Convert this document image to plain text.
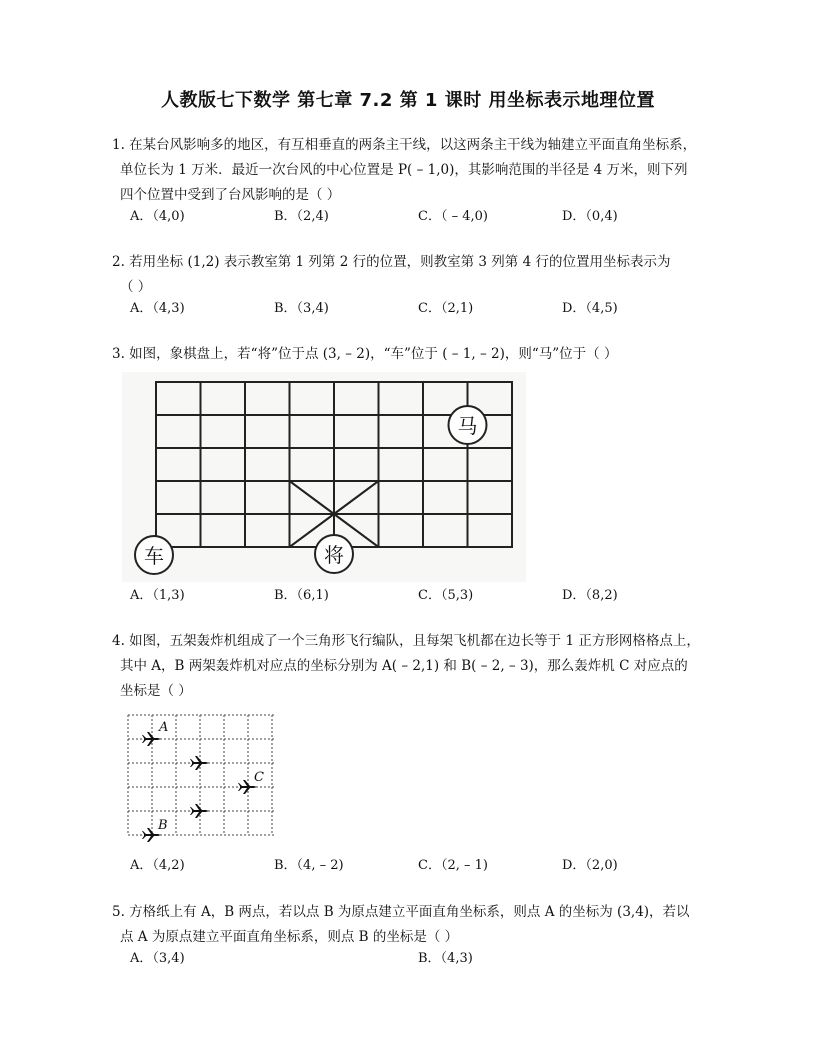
人教版七下数学 第七章 7.2 第 1 课时 用坐标表示地理位置
1. 在某台风影响多的地区，有互相垂直的两条主干线，以这两条主干线为轴建立平面直角坐标系，
单位长为 1 万米．最近一次台风的中心位置是 P( – 1,0)，其影响范围的半径是 4 万米，则下列
四个位置中受到了台风影响的是（ ）
A．（4,0)	B．（2,4)	C．（ – 4,0)	D．（0,4)
2. 若用坐标 (1,2) 表示教室第 1 列第 2 行的位置，则教室第 3 列第 4 行的位置用坐标表示为
（ ）
A．（4,3)	B．（3,4)	C．（2,1)	D．（4,5)
3. 如图，象棋盘上，若“将”位于点 (3, – 2)，“车”位于 ( – 1, – 2)，则“马”位于（ ）
马
车	将
A．（1,3)	B．（6,1)	C．（5,3)	D．（8,2)
4. 如图，五架轰炸机组成了一个三角形飞行编队，且每架飞机都在边长等于 1 正方形网格格点上，
其中 A，B 两架轰炸机对应点的坐标分别为 A( – 2,1) 和 B( – 2, – 3)，那么轰炸机 C 对应点的
坐标是（ ）
A
B
C
A．（4,2)	B．（4, – 2)	C．（2, – 1)	D．（2,0)
5. 方格纸上有 A，B 两点，若以点 B 为原点建立平面直角坐标系，则点 A 的坐标为 (3,4)，若以
点 A 为原点建立平面直角坐标系，则点 B 的坐标是（ ）
A．（3,4)	B．（4,3)
